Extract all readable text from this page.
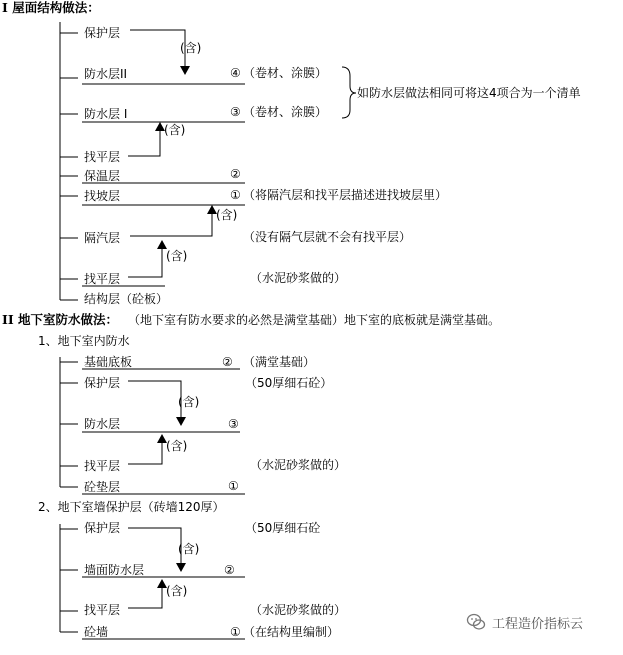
I 屋面结构做法：
保护层
防水层II
防水层 I
找平层
保温层
找坡层
隔汽层
找平层
结构层（砼板）
(含)
(含)
(含)
(含)
④
③
②
①
（卷材、涂膜）
（卷材、涂膜）
（将隔汽层和找平层描述进找坡层里）
（没有隔气层就不会有找平层）
（水泥砂浆做的）
如防水层做法相同可将这4项合为一个清单
II 地下室防水做法： （地下室有防水要求的必然是满堂基础）地下室的底板就是满堂基础。
1、地下室内防水
基础底板
保护层
防水层
找平层
砼垫层
(含)
(含)
②
③
①
（满堂基础）
（50厚细石砼）
（水泥砂浆做的）
2、地下室墙保护层（砖墙120厚）
保护层
墙面防水层
找平层
砼墙
(含)
(含)
②
①
（50厚细石砼
（水泥砂浆做的）
（在结构里编制）
工程造价指标云
